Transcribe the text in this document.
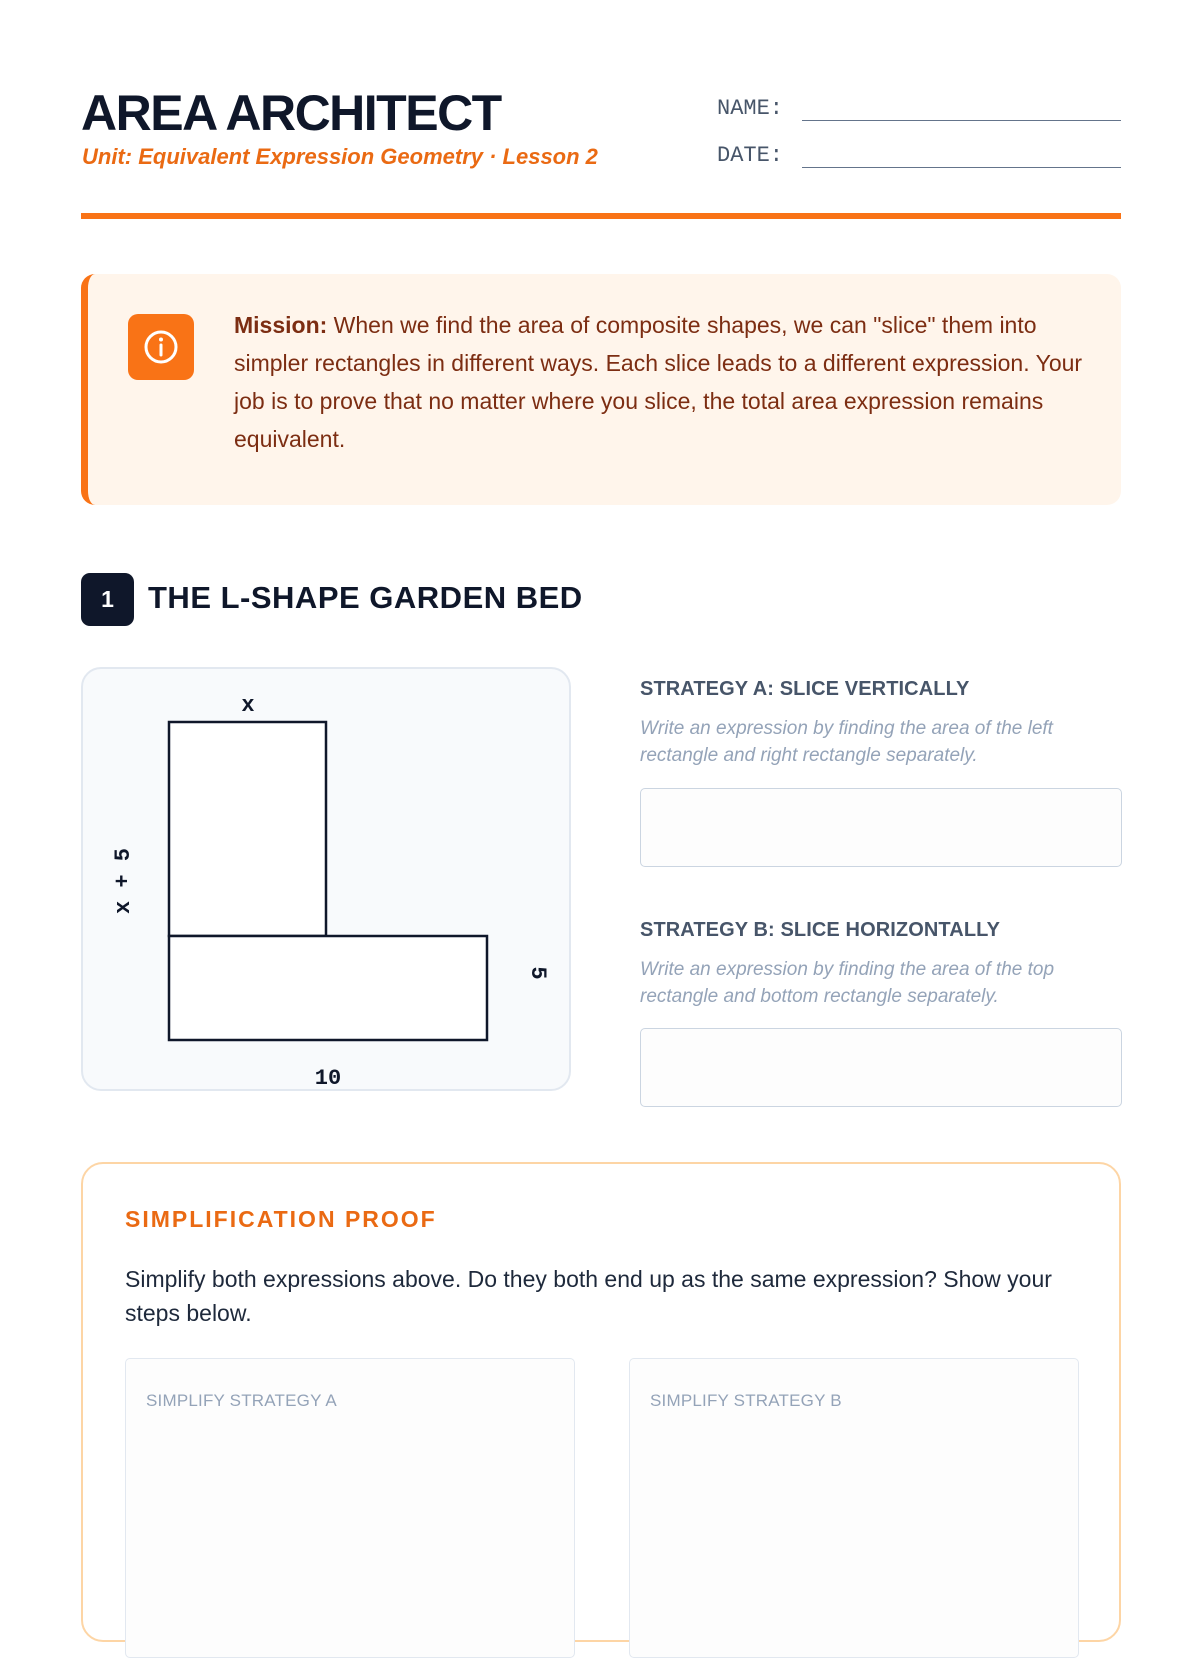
AREA ARCHITECT
Unit: Equivalent Expression Geometry · Lesson 2
NAME:
DATE:
Mission: When we find the area of composite shapes, we can "slice" them into simpler rectangles in different ways. Each slice leads to a different expression. Your job is to prove that no matter where you slice, the total area expression remains equivalent.
1	THE L-SHAPE GARDEN BED
x
10
x + 5
5
STRATEGY A: SLICE VERTICALLY
Write an expression by finding the area of the left rectangle and right rectangle separately.
STRATEGY B: SLICE HORIZONTALLY
Write an expression by finding the area of the top rectangle and bottom rectangle separately.
SIMPLIFICATION PROOF
Simplify both expressions above. Do they both end up as the same expression? Show your steps below.
SIMPLIFY STRATEGY A	SIMPLIFY STRATEGY B
